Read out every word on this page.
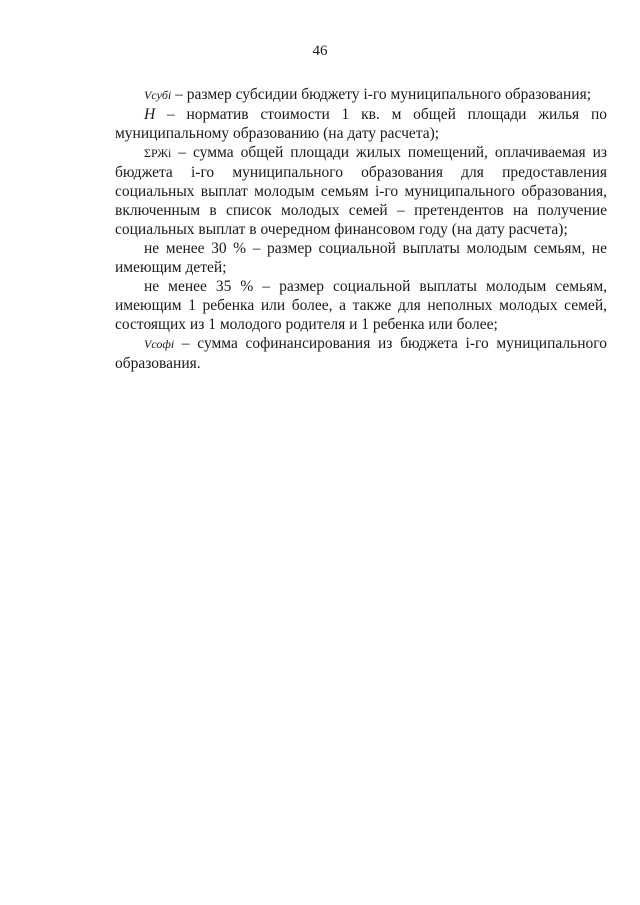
46

Vсубi – размер субсидии бюджету i-го муниципального образования;

H – норматив стоимости 1 кв. м общей площади жилья по муниципальному образованию (на дату расчета);

ΣРЖi – сумма общей площади жилых помещений, оплачиваемая из бюджета i-го муниципального образования для предоставления социальных выплат молодым семьям i-го муниципального образования, включенным в список молодых семей – претендентов на получение социальных выплат в очередном финансовом году (на дату расчета);

не менее 30 % – размер социальной выплаты молодым семьям, не имеющим детей;

не менее 35 % – размер социальной выплаты молодым семьям, имеющим 1 ребенка или более, а также для неполных молодых семей, состоящих из 1 молодого родителя и 1 ребенка или более;

Vсофi – сумма софинансирования из бюджета i-го муниципального образования.
